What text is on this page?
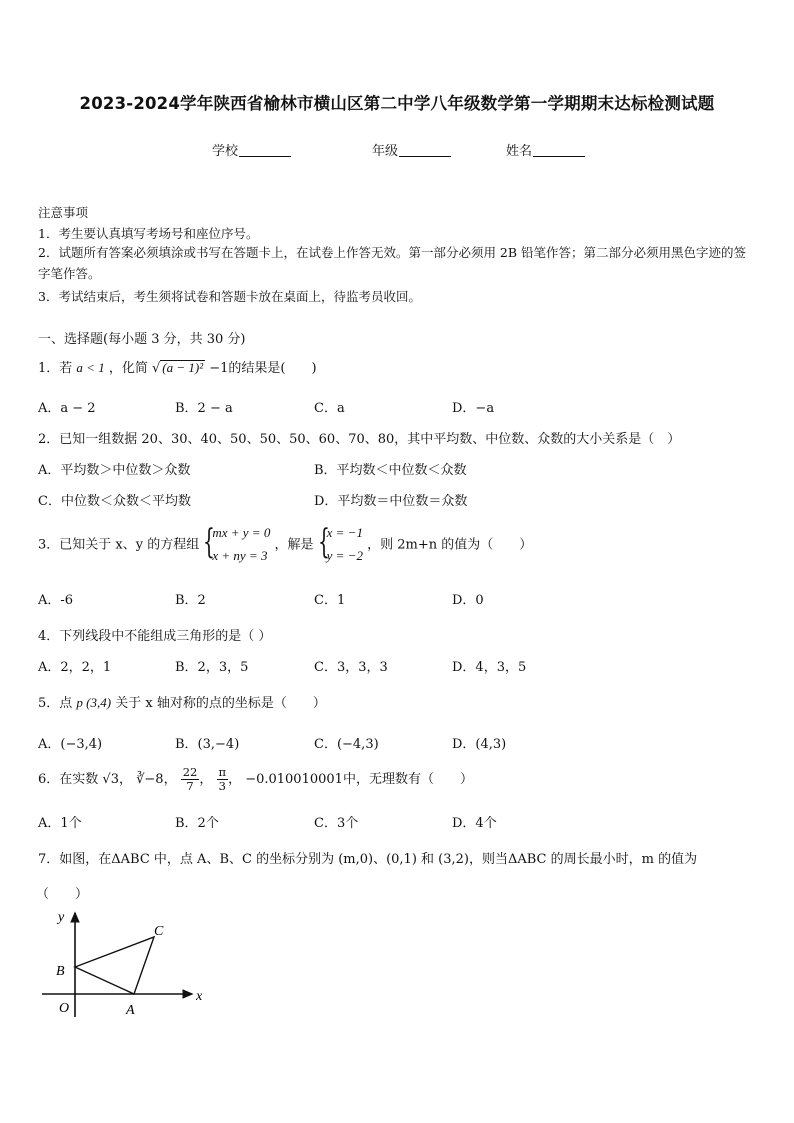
2023-2024学年陕西省榆林市横山区第二中学八年级数学第一学期期末达标检测试题
学校	年级	姓名
注意事项
1．考生要认真填写考场号和座位序号。
2．试题所有答案必须填涂或书写在答题卡上，在试卷上作答无效。第一部分必须用 2B 铅笔作答；第二部分必须用黑色字迹的签字笔作答。
3．考试结束后，考生须将试卷和答题卡放在桌面上，待监考员收回。
一、选择题(每小题 3 分，共 30 分)
1．若 a < 1 ，化简 √ (a − 1)² −1的结果是(　　)
A．a − 2	B．2 − a	C．a	D．−a
2．已知一组数据 20、30、40、50、50、50、60、70、80，其中平均数、中位数、众数的大小关系是（　）
A．平均数＞中位数＞众数	B．平均数＜中位数＜众数
C．中位数＜众数＜平均数	D．平均数＝中位数＝众数
3．已知关于 x、y 的方程组 {
mx + y = 0
x + ny = 3
，解是 {
x = −1
y = −2
，则 2m+n 的值为（　　）
A．-6	B．2	C．1	D．0
4．下列线段中不能组成三角形的是（ ）
A．2，2，1	B．2，3，5	C．3，3，3	D．4，3，5
5．点 p (3,4) 关于 x 轴对称的点的坐标是（　　）
A．(−3,4)	B．(3,−4)	C．(−4,3)	D．(4,3)
6．在实数 √3， ∛−8， $\frac{22}{7}$ ， $\frac{\pi}{3}$ ， −0.010010001中，无理数有（　　）
A．1个	B．2个	C．3个	D．4个
7．如图，在ΔABC 中，点 A、B、C 的坐标分别为 (m,0)、(0,1) 和 (3,2)，则当ΔABC 的周长最小时，m 的值为
（　　）
y
x
O	A
B
C
